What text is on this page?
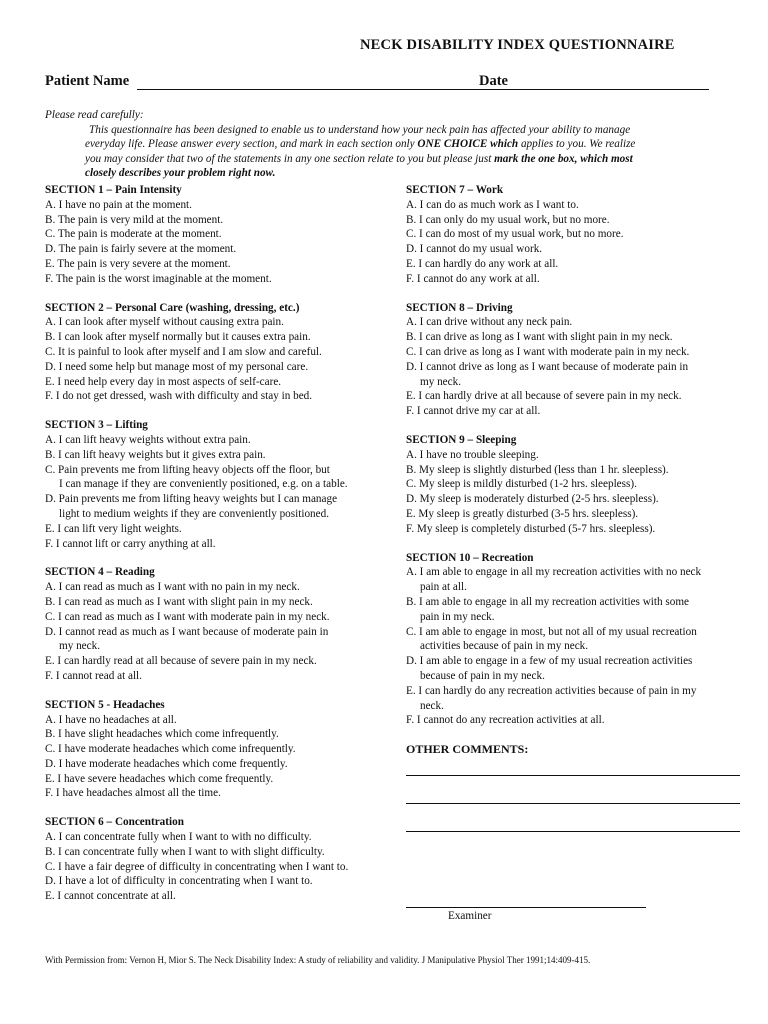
NECK DISABILITY INDEX QUESTIONNAIRE
Patient Name	Date
Please read carefully:
This questionnaire has been designed to enable us to understand how your neck pain has affected your ability to manage
everyday life. Please answer every section, and mark in each section only ONE CHOICE which applies to you. We realize
you may consider that two of the statements in any one section relate to you but please just mark the one box, which most
closely describes your problem right now.
SECTION 1 – Pain Intensity
A. I have no pain at the moment.
B. The pain is very mild at the moment.
C. The pain is moderate at the moment.
D. The pain is fairly severe at the moment.
E. The pain is very severe at the moment.
F. The pain is the worst imaginable at the moment.
SECTION 2 – Personal Care (washing, dressing, etc.)
A. I can look after myself without causing extra pain.
B. I can look after myself normally but it causes extra pain.
C. It is painful to look after myself and I am slow and careful.
D. I need some help but manage most of my personal care.
E. I need help every day in most aspects of self-care.
F. I do not get dressed, wash with difficulty and stay in bed.
SECTION 3 – Lifting
A. I can lift heavy weights without extra pain.
B. I can lift heavy weights but it gives extra pain.
C. Pain prevents me from lifting heavy objects off the floor, but
I can manage if they are conveniently positioned, e.g. on a table.
D. Pain prevents me from lifting heavy weights but I can manage
light to medium weights if they are conveniently positioned.
E. I can lift very light weights.
F. I cannot lift or carry anything at all.
SECTION 4 – Reading
A. I can read as much as I want with no pain in my neck.
B. I can read as much as I want with slight pain in my neck.
C. I can read as much as I want with moderate pain in my neck.
D. I cannot read as much as I want because of moderate pain in
my neck.
E. I can hardly read at all because of severe pain in my neck.
F. I cannot read at all.
SECTION 5 - Headaches
A. I have no headaches at all.
B. I have slight headaches which come infrequently.
C. I have moderate headaches which come infrequently.
D. I have moderate headaches which come frequently.
E. I have severe headaches which come frequently.
F. I have headaches almost all the time.
SECTION 6 – Concentration
A. I can concentrate fully when I want to with no difficulty.
B. I can concentrate fully when I want to with slight difficulty.
C. I have a fair degree of difficulty in concentrating when I want to.
D. I have a lot of difficulty in concentrating when I want to.
E. I cannot concentrate at all.
SECTION 7 – Work
A. I can do as much work as I want to.
B. I can only do my usual work, but no more.
C. I can do most of my usual work, but no more.
D. I cannot do my usual work.
E. I can hardly do any work at all.
F. I cannot do any work at all.
SECTION 8 – Driving
A. I can drive without any neck pain.
B. I can drive as long as I want with slight pain in my neck.
C. I can drive as long as I want with moderate pain in my neck.
D. I cannot drive as long as I want because of moderate pain in
my neck.
E. I can hardly drive at all because of severe pain in my neck.
F. I cannot drive my car at all.
SECTION 9 – Sleeping
A. I have no trouble sleeping.
B. My sleep is slightly disturbed (less than 1 hr. sleepless).
C. My sleep is mildly disturbed (1-2 hrs. sleepless).
D. My sleep is moderately disturbed (2-5 hrs. sleepless).
E. My sleep is greatly disturbed (3-5 hrs. sleepless).
F. My sleep is completely disturbed (5-7 hrs. sleepless).
SECTION 10 – Recreation
A. I am able to engage in all my recreation activities with no neck
pain at all.
B. I am able to engage in all my recreation activities with some
pain in my neck.
C. I am able to engage in most, but not all of my usual recreation
activities because of pain in my neck.
D. I am able to engage in a few of my usual recreation activities
because of pain in my neck.
E. I can hardly do any recreation activities because of pain in my
neck.
F. I cannot do any recreation activities at all.
OTHER COMMENTS:
Examiner
With Permission from: Vernon H, Mior S. The Neck Disability Index: A study of reliability and validity. J Manipulative Physiol Ther 1991;14:409-415.
